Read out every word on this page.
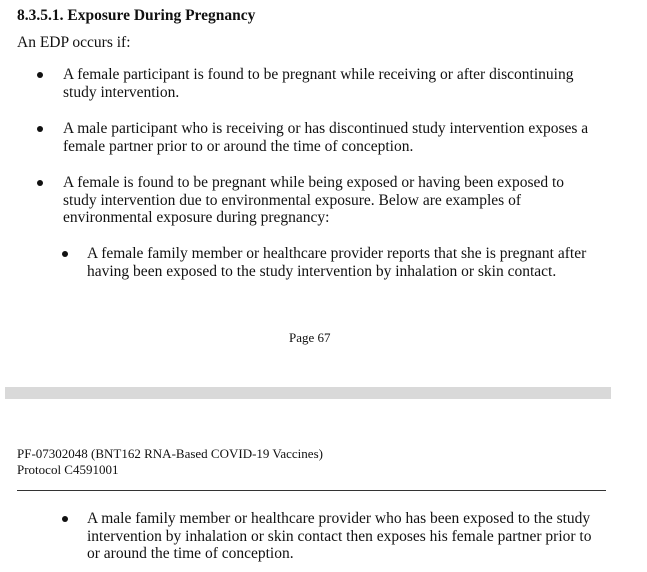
8.3.5.1. Exposure During Pregnancy
An EDP occurs if:
A female participant is found to be pregnant while receiving or after discontinuing
study intervention.
A male participant who is receiving or has discontinued study intervention exposes a
female partner prior to or around the time of conception.
A female is found to be pregnant while being exposed or having been exposed to
study intervention due to environmental exposure. Below are examples of
environmental exposure during pregnancy:
A female family member or healthcare provider reports that she is pregnant after
having been exposed to the study intervention by inhalation or skin contact.
Page 67
PF-07302048 (BNT162 RNA-Based COVID-19 Vaccines)
Protocol C4591001
A male family member or healthcare provider who has been exposed to the study
intervention by inhalation or skin contact then exposes his female partner prior to
or around the time of conception.
